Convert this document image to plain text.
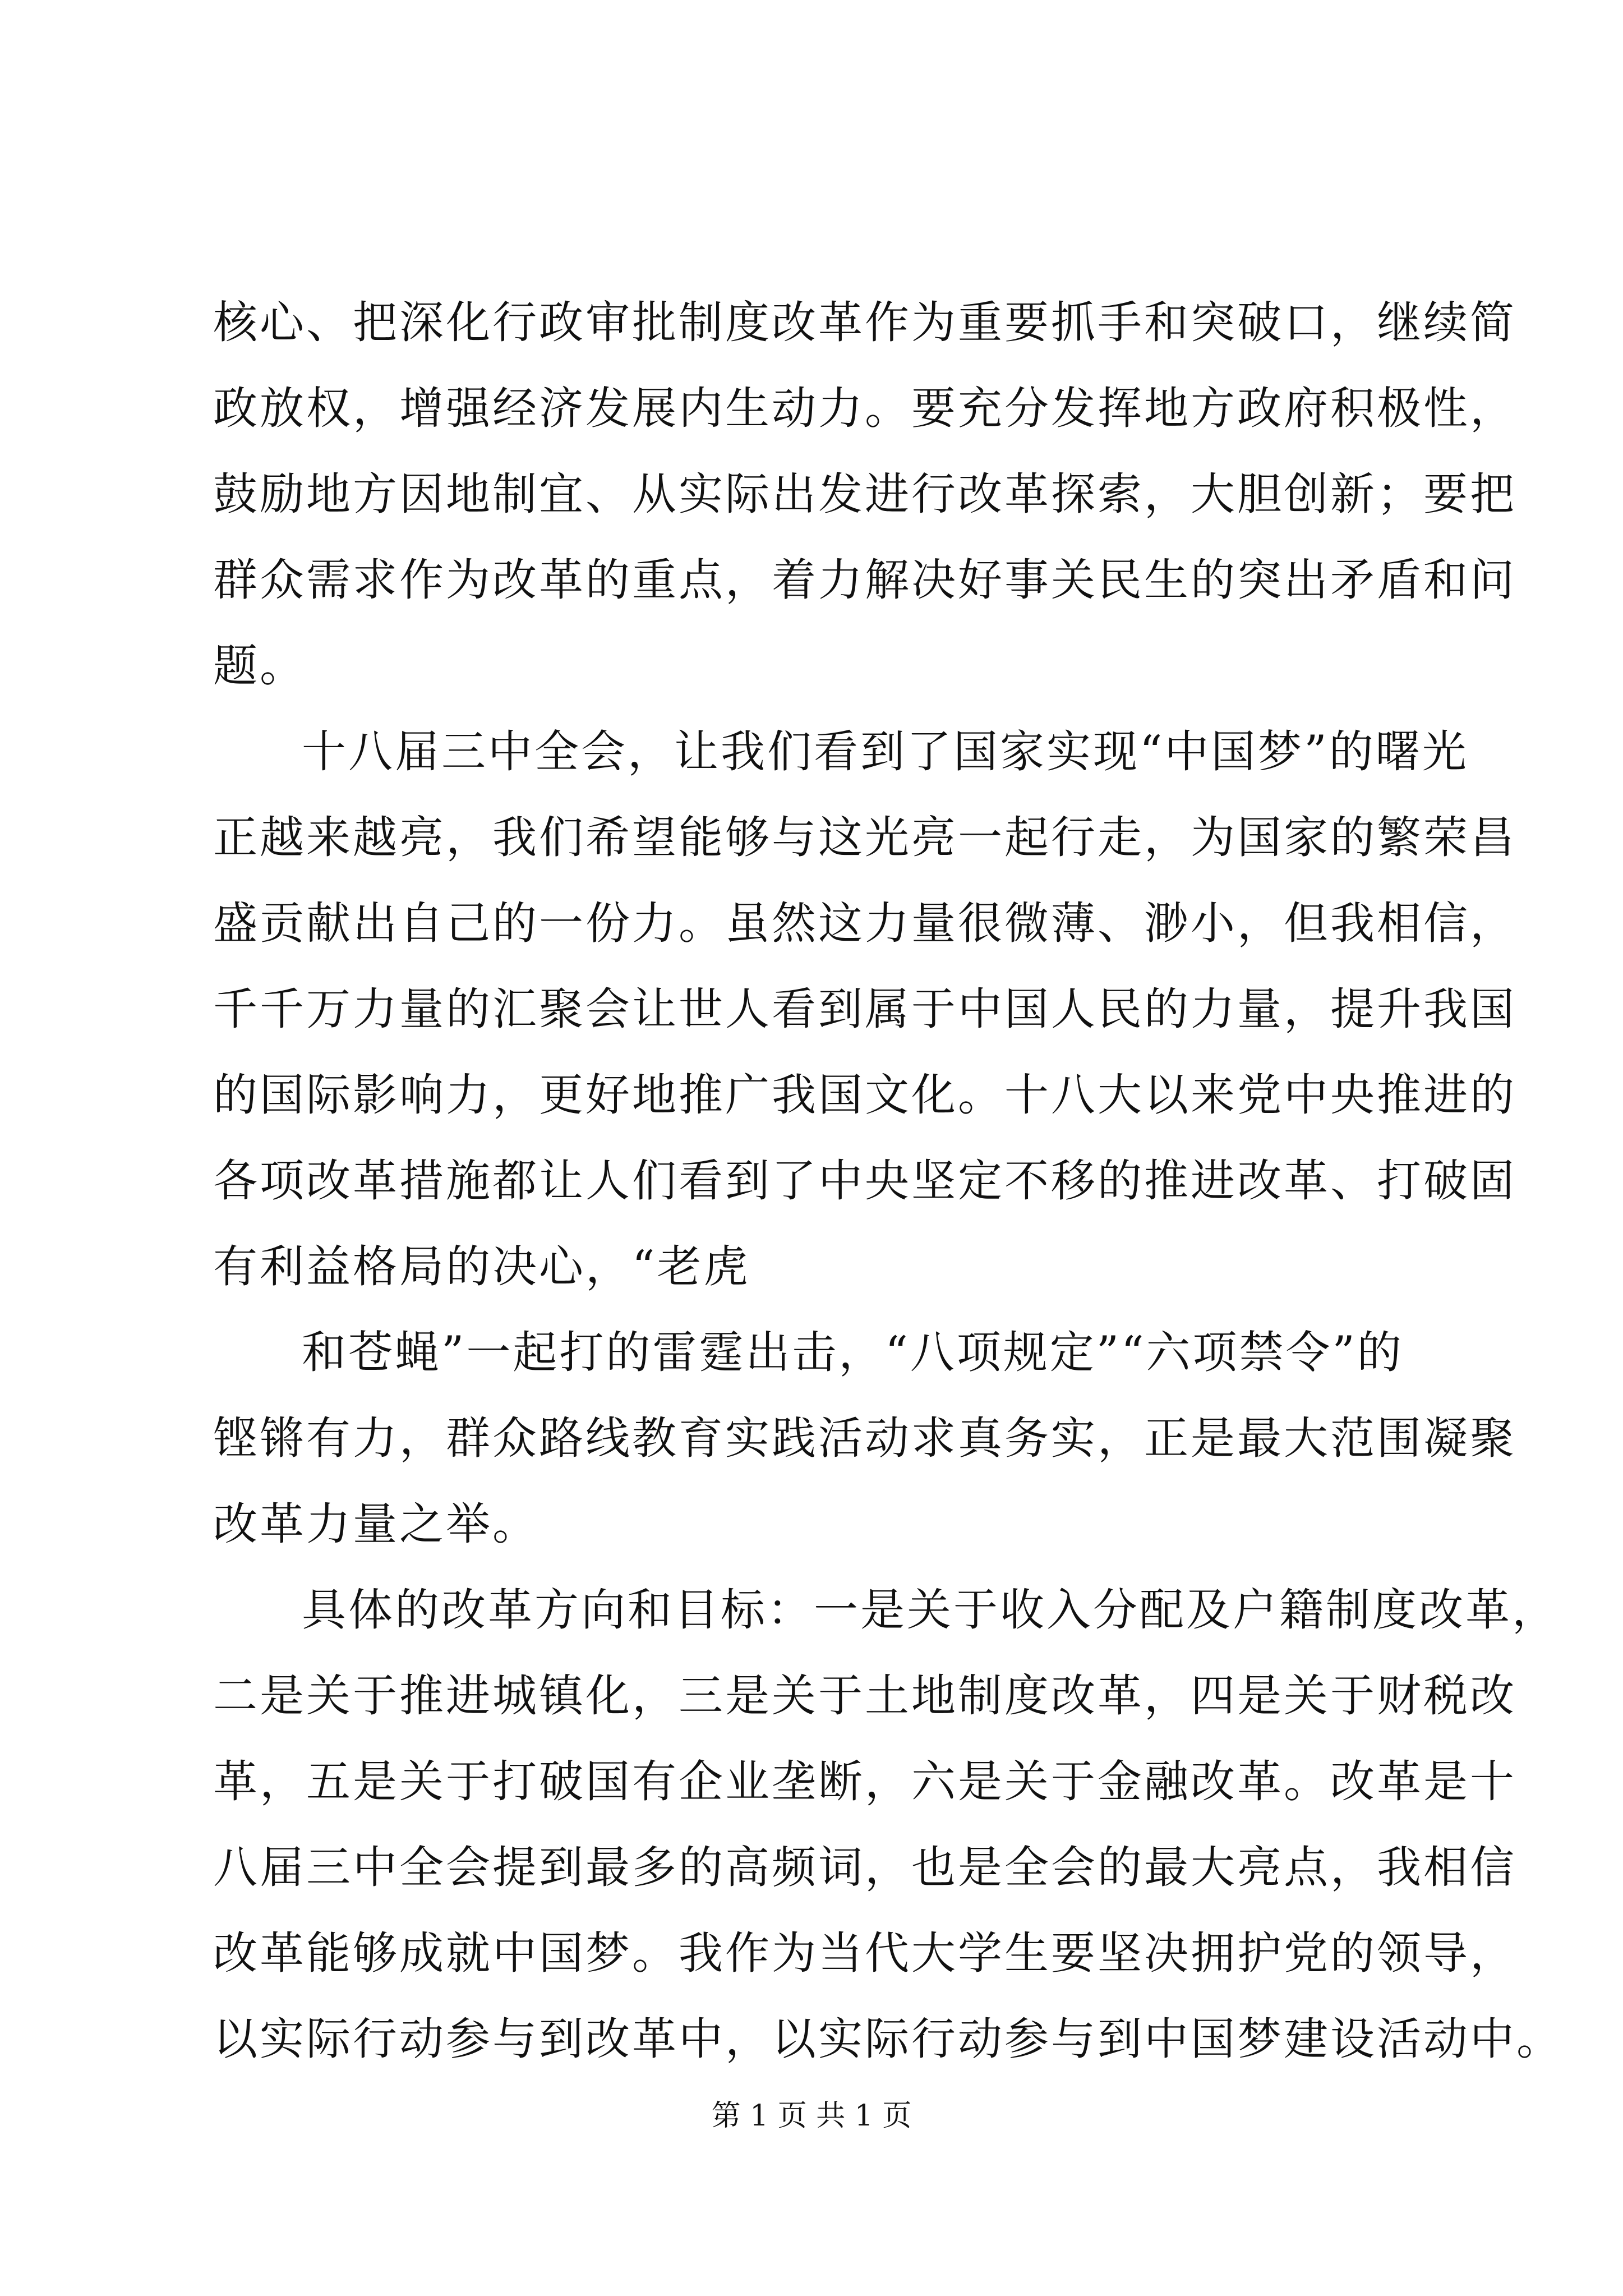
核心、把深化行政审批制度改革作为重要抓手和突破口，继续简
政放权，增强经济发展内生动力。要充分发挥地方政府积极性，
鼓励地方因地制宜、从实际出发进行改革探索，大胆创新；要把
群众需求作为改革的重点，着力解决好事关民生的突出矛盾和问
题。
十八届三中全会，让我们看到了国家实现“中国梦”的曙光
正越来越亮，我们希望能够与这光亮一起行走，为国家的繁荣昌
盛贡献出自己的一份力。虽然这力量很微薄、渺小，但我相信，
千千万力量的汇聚会让世人看到属于中国人民的力量，提升我国
的国际影响力，更好地推广我国文化。十八大以来党中央推进的
各项改革措施都让人们看到了中央坚定不移的推进改革、打破固
有利益格局的决心，“老虎
和苍蝇”一起打的雷霆出击，“八项规定”“六项禁令”的
铿锵有力，群众路线教育实践活动求真务实，正是最大范围凝聚
改革力量之举。
具体的改革方向和目标：一是关于收入分配及户籍制度改革，
二是关于推进城镇化，三是关于土地制度改革，四是关于财税改
革，五是关于打破国有企业垄断，六是关于金融改革。改革是十
八届三中全会提到最多的高频词，也是全会的最大亮点，我相信
改革能够成就中国梦。我作为当代大学生要坚决拥护党的领导，
以实际行动参与到改革中，以实际行动参与到中国梦建设活动中。
第 1 页 共 1 页
